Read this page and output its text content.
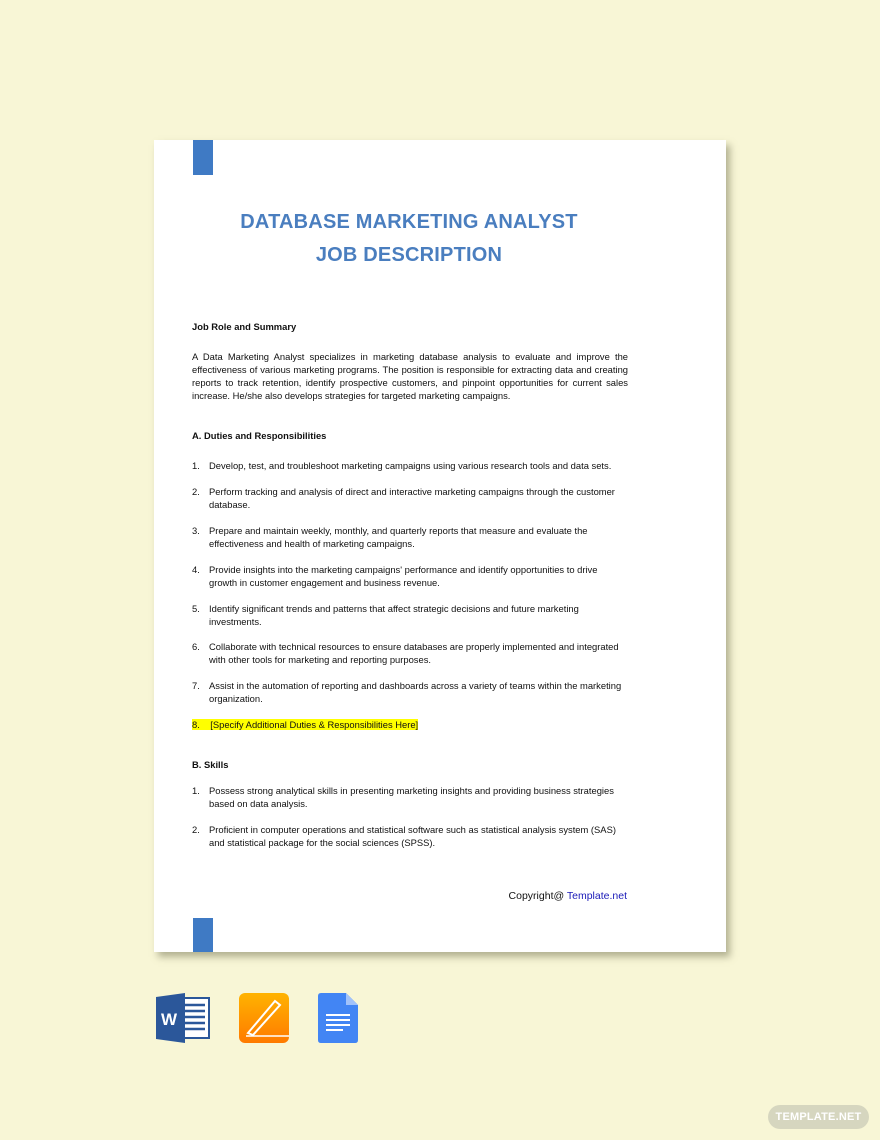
DATABASE MARKETING ANALYST
JOB DESCRIPTION
Job Role and Summary
A Data Marketing Analyst specializes in marketing database analysis to evaluate and improve the effectiveness of various marketing programs. The position is responsible for extracting data and creating reports to track retention, identify prospective customers, and pinpoint opportunities for current sales increase. He/she also develops strategies for targeted marketing campaigns.
A. Duties and Responsibilities
1. Develop, test, and troubleshoot marketing campaigns using various research tools and data sets.
2. Perform tracking and analysis of direct and interactive marketing campaigns through the customer database.
3. Prepare and maintain weekly, monthly, and quarterly reports that measure and evaluate the effectiveness and health of marketing campaigns.
4. Provide insights into the marketing campaigns' performance and identify opportunities to drive growth in customer engagement and business revenue.
5. Identify significant trends and patterns that affect strategic decisions and future marketing investments.
6. Collaborate with technical resources to ensure databases are properly implemented and integrated with other tools for marketing and reporting purposes.
7. Assist in the automation of reporting and dashboards across a variety of teams within the marketing organization.
8. [Specify Additional Duties & Responsibilities Here]
B. Skills
1. Possess strong analytical skills in presenting marketing insights and providing business strategies based on data analysis.
2. Proficient in computer operations and statistical software such as statistical analysis system (SAS) and statistical package for the social sciences (SPSS).
Copyright@ Template.net
W
TEMPLATE.NET
